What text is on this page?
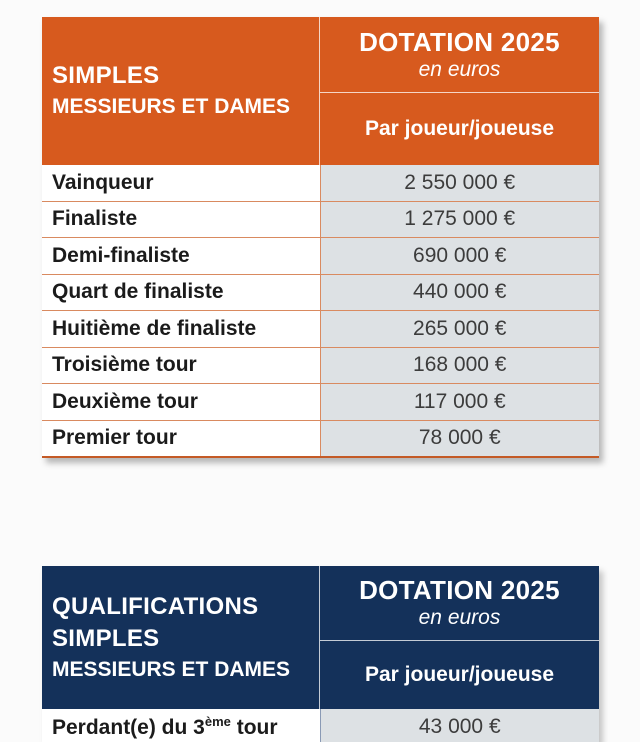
SIMPLES
MESSIEURS ET DAMES
DOTATION 2025
en euros
Par joueur/joueuse
Vainqueur	2 550 000 €
Finaliste	1 275 000 €
Demi-finaliste	690 000 €
Quart de finaliste	440 000 €
Huitième de finaliste	265 000 €
Troisième tour	168 000 €
Deuxième tour	117 000 €
Premier tour	78 000 €
QUALIFICATIONS
SIMPLES
MESSIEURS ET DAMES
DOTATION 2025
en euros
Par joueur/joueuse
Perdant(e) du 3ème tour	43 000 €
